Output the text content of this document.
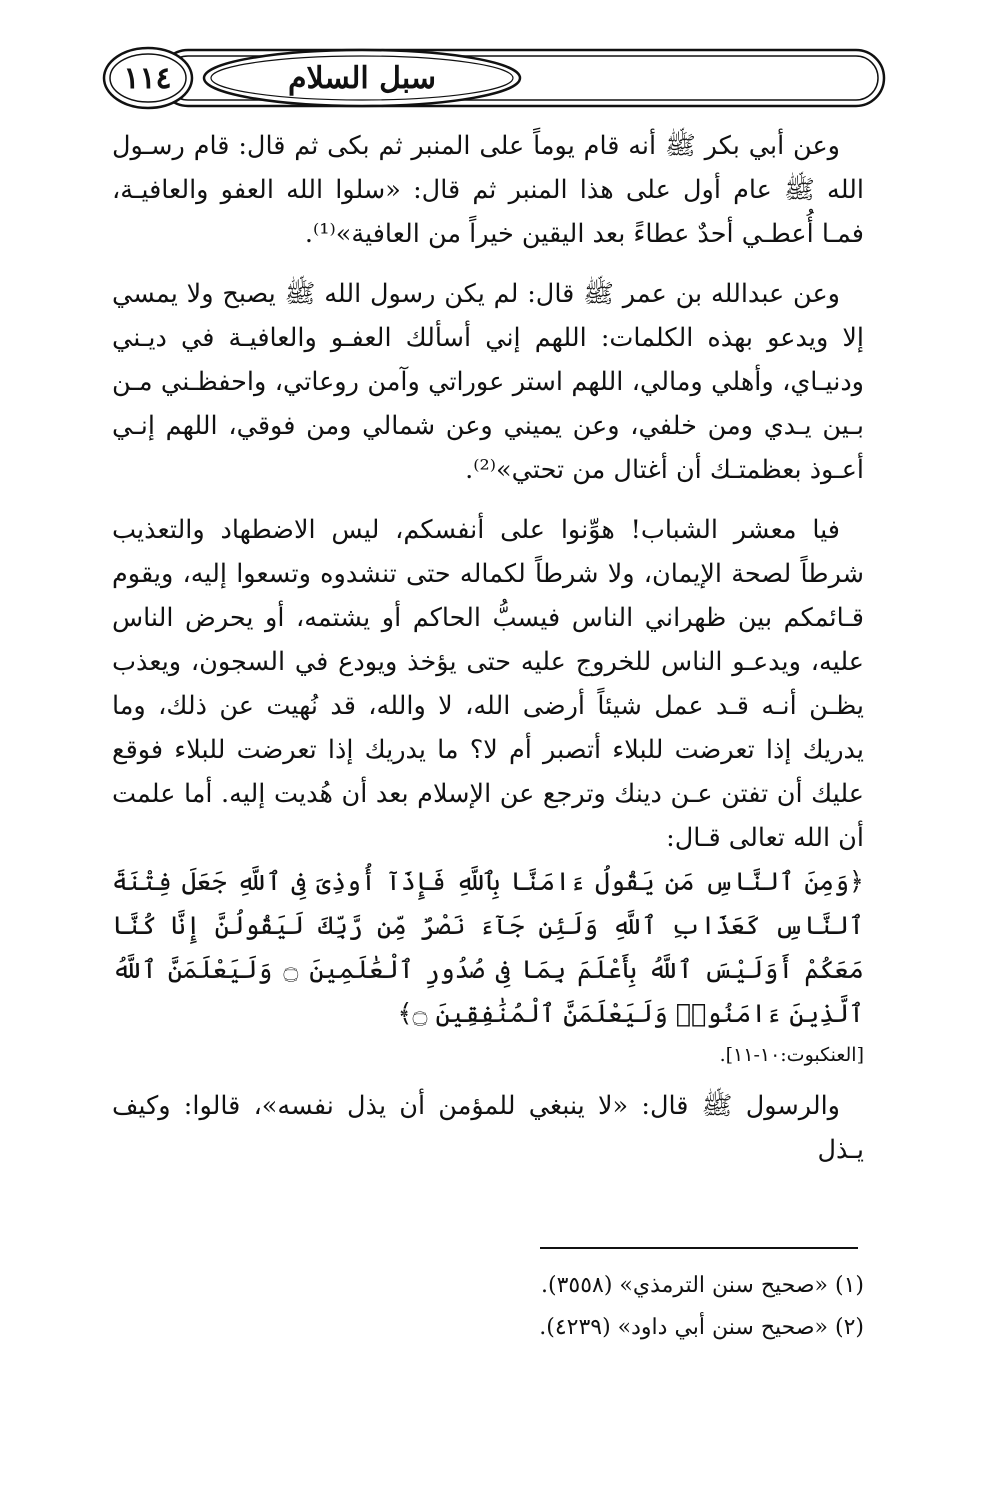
١١٤	سبل السلام

وعن أبي بكر ﷺ أنه قام يوماً على المنبر ثم بكى ثم قال: قام رسـول الله ﷺ عام أول على هذا المنبر ثم قال: «سلوا الله العفو والعافيـة، فمـا أُعطـي أحدٌ عطاءً بعد اليقين خيراً من العافية»⁽¹⁾.

وعن عبدالله بن عمر ﷺ قال: لم يكن رسول الله ﷺ يصبح ولا يمسي إلا ويدعو بهذه الكلمات: اللهم إني أسألك العفـو والعافيـة في ديـني ودنيـاي، وأهلي ومالي، اللهم استر عوراتي وآمن روعاتي، واحفظـني مـن بـين يـدي ومن خلفي، وعن يميني وعن شمالي ومن فوقي، اللهم إنـي أعـوذ بعظمتـك أن أغتال من تحتي»⁽²⁾.

فيا معشر الشباب! هوِّنوا على أنفسكم، ليس الاضطهاد والتعذيب شرطاً لصحة الإيمان، ولا شرطاً لكماله حتى تنشدوه وتسعوا إليه، ويقوم قـائمكم بين ظهراني الناس فيسبُّ الحاكم أو يشتمه، أو يحرض الناس عليه، ويدعـو الناس للخروج عليه حتى يؤخذ ويودع في السجون، ويعذب يظـن أنـه قـد عمل شيئاً أرضى الله، لا والله، قد نُهيت عن ذلك، وما يدريك إذا تعرضت للبلاء أتصبر أم لا؟ ما يدريك إذا تعرضت للبلاء فوقع عليك أن تفتن عـن دينك وترجع عن الإسلام بعد أن هُديت إليه. أما علمت أن الله تعالى قـال:

﴿وَمِنَ ٱلنَّاسِ مَن يَقُولُ ءَامَنَّا بِٱللَّهِ فَإِذَآ أُوذِىَ فِى ٱللَّهِ جَعَلَ فِتْنَةَ ٱلنَّاسِ كَعَذَابِ ٱللَّهِ وَلَئِن جَآءَ نَصْرٌ مِّن رَّبِّكَ لَيَقُولُنَّ إِنَّا كُنَّا مَعَكُمْ أَوَلَيْسَ ٱللَّهُ بِأَعْلَمَ بِمَا فِى صُدُورِ ٱلْعَٰلَمِينَ ۝ وَلَيَعْلَمَنَّ ٱللَّهُ ٱلَّذِينَ ءَامَنُوا۟ وَلَيَعْلَمَنَّ ٱلْمُنَٰفِقِينَ ۝﴾

[العنكبوت:١٠-١١].

والرسول ﷺ قال: «لا ينبغي للمؤمن أن يذل نفسه»، قالوا: وكيف يـذل

(١) «صحيح سنن الترمذي» (٣٥٥٨).

(٢) «صحيح سنن أبي داود» (٤٢٣٩).
